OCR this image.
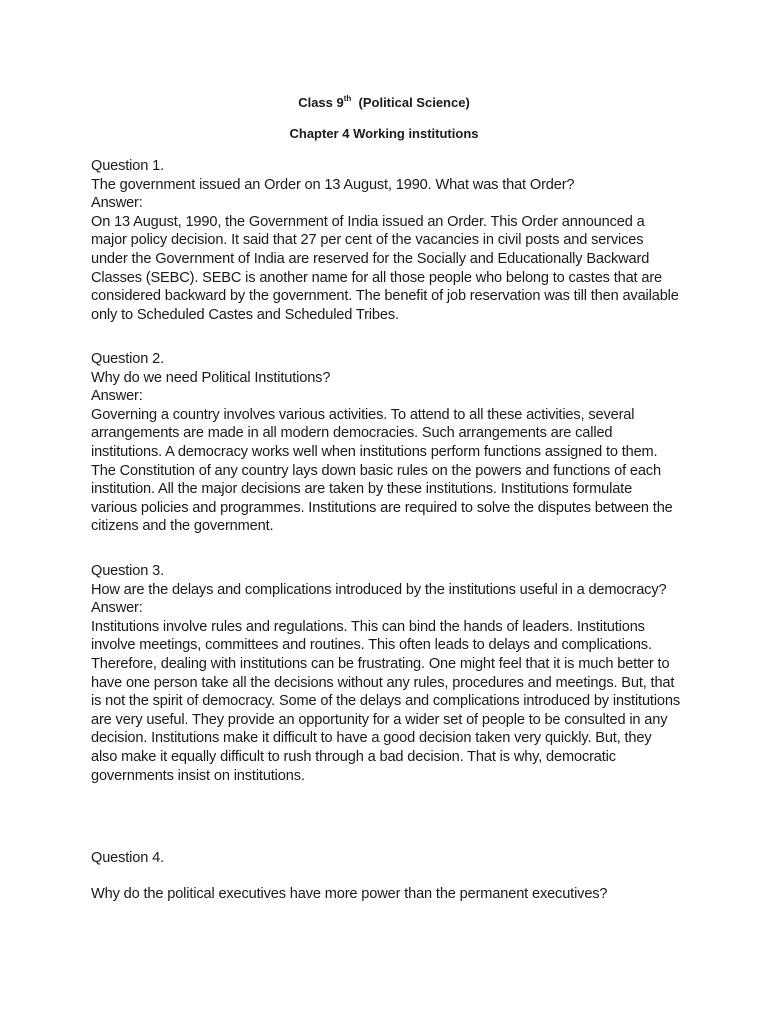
Class 9th  (Political Science)

Chapter 4 Working institutions

Question 1.

The government issued an Order on 13 August, 1990. What was that Order?

Answer:

On 13 August, 1990, the Government of India issued an Order. This Order announced a major policy decision. It said that 27 per cent of the vacancies in civil posts and services under the Government of India are reserved for the Socially and Educationally Backward Classes (SEBC). SEBC is another name for all those people who belong to castes that are considered backward by the government. The benefit of job reservation was till then available only to Scheduled Castes and Scheduled Tribes.

Question 2.

Why do we need Political Institutions?

Answer:

Governing a country involves various activities. To attend to all these activities, several arrangements are made in all modern democracies. Such arrangements are called institutions. A democracy works well when institutions perform functions assigned to them. The Constitution of any country lays down basic rules on the powers and functions of each institution. All the major decisions are taken by these institutions. Institutions formulate various policies and programmes. Institutions are required to solve the disputes between the citizens and the government.

Question 3.

How are the delays and complications introduced by the institutions useful in a democracy?

Answer:

Institutions involve rules and regulations. This can bind the hands of leaders. Institutions involve meetings, committees and routines. This often leads to delays and complications. Therefore, dealing with institutions can be frustrating. One might feel that it is much better to have one person take all the decisions without any rules, procedures and meetings. But, that is not the spirit of democracy. Some of the delays and complications introduced by institutions are very useful. They provide an opportunity for a wider set of people to be consulted in any decision. Institutions make it difficult to have a good decision taken very quickly. But, they also make it equally difficult to rush through a bad decision. That is why, democratic governments insist on institutions.

Question 4.

Why do the political executives have more power than the permanent executives?
